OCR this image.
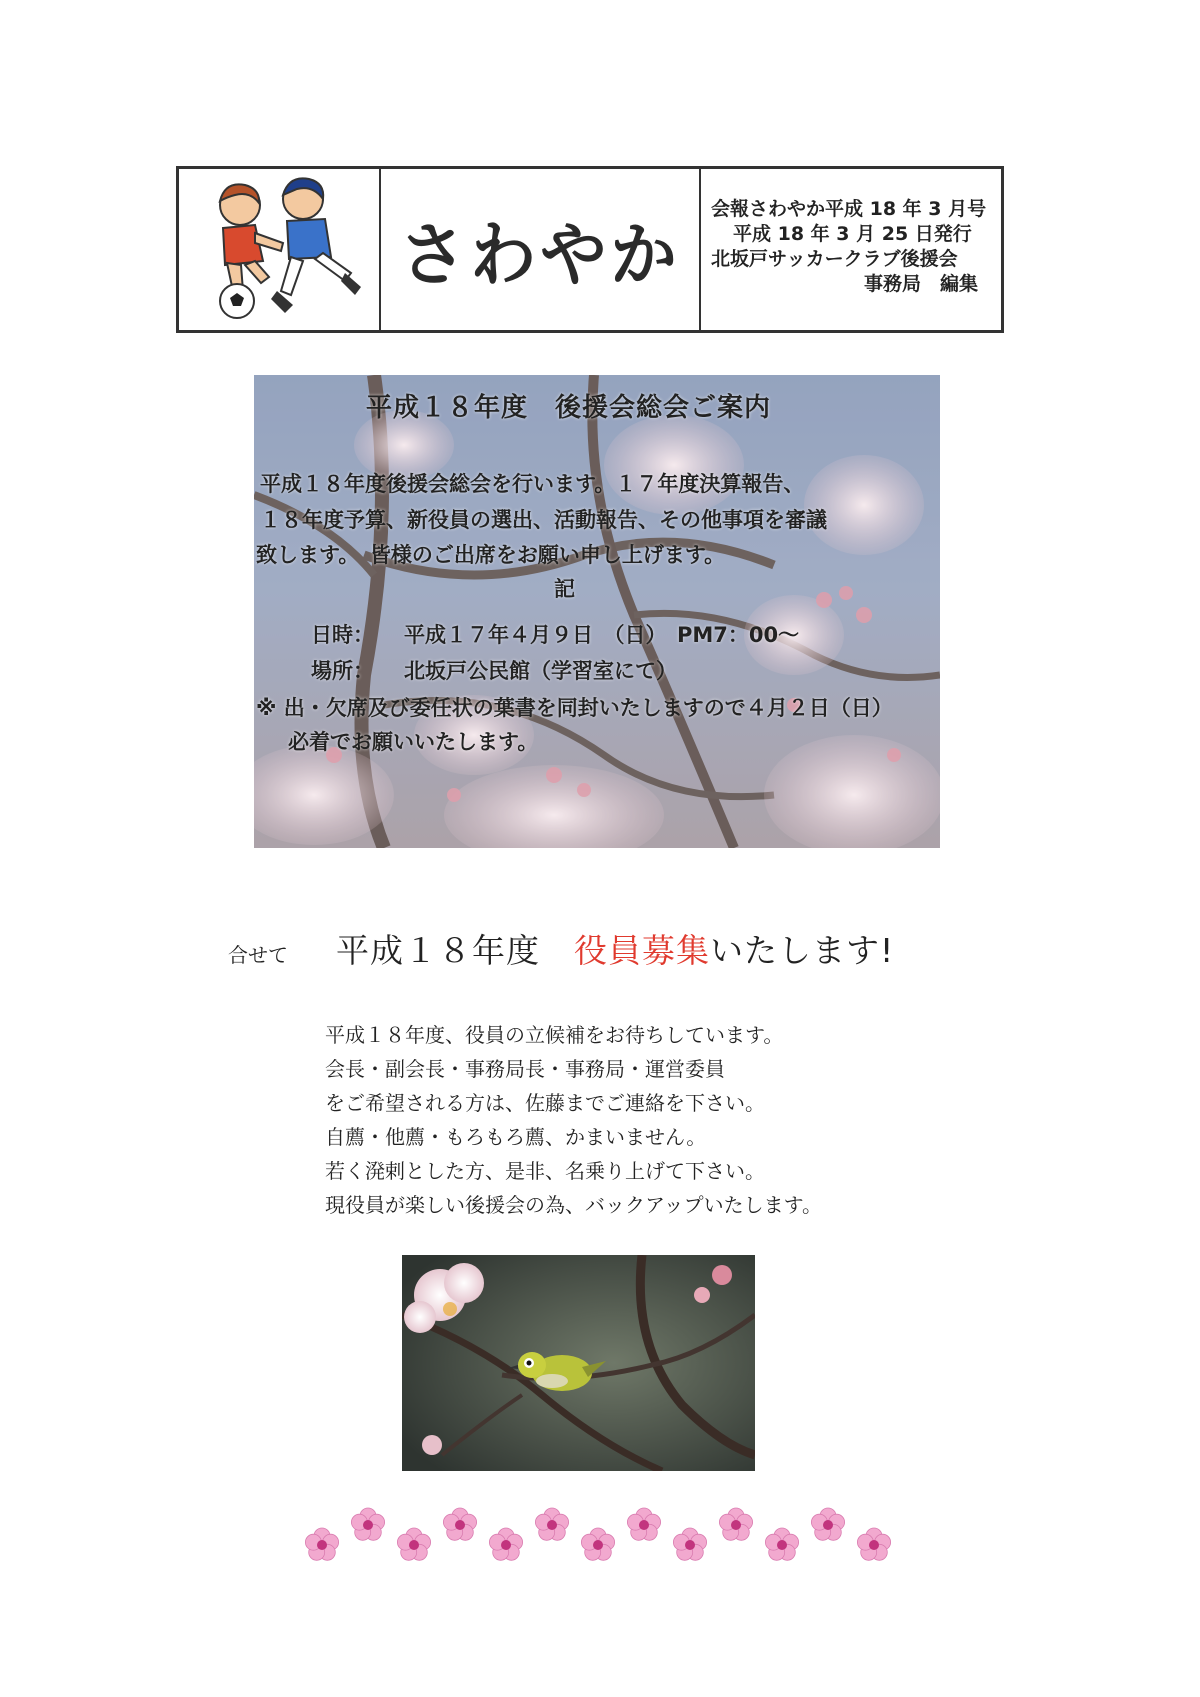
さわやか
会報さわやか平成 18 年 3 月号
平成 18 年 3 月 25 日発行
北坂戸サッカークラブ後援会
事務局　編集
平成１８年度　後援会総会ご案内
平成１８年度後援会総会を行います。１７年度決算報告、
１８年度予算、新役員の選出、活動報告、その他事項を審議
致します。　皆様のご出席をお願い申し上げます。
記
日時： 平成１７年４月９日　（日）　PM7：00～
場所： 北坂戸公民館（学習室にて）
※ 出・欠席及び委任状の葉書を同封いたしますので４月２日（日）
必着でお願いいたします。
合せて 平成１８年度　役員募集いたします!
平成１８年度、役員の立候補をお待ちしています。
会長・副会長・事務局長・事務局・運営委員
をご希望される方は、佐藤までご連絡を下さい。
自薦・他薦・もろもろ薦、かまいません。
若く溌剌とした方、是非、名乗り上げて下さい。
現役員が楽しい後援会の為、バックアップいたします。
